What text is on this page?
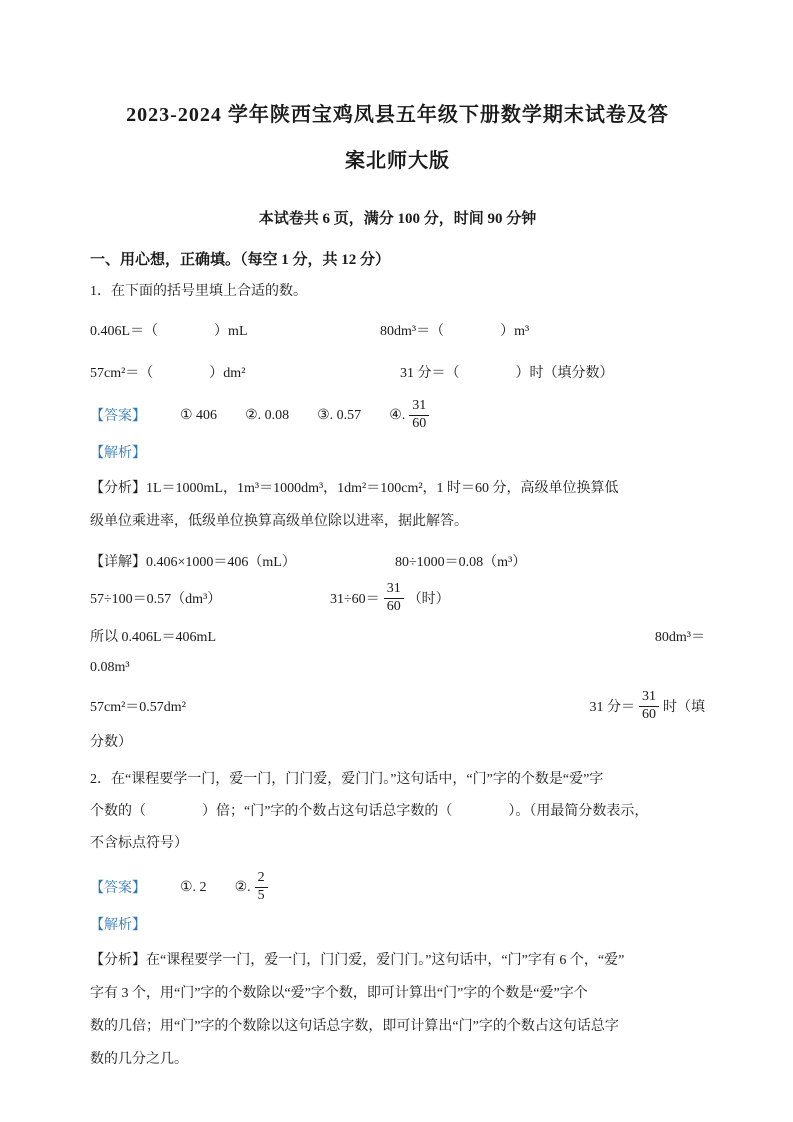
2023-2024 学年陕西宝鸡凤县五年级下册数学期末试卷及答
案北师大版
本试卷共 6 页，满分 100 分，时间 90 分钟
一、用心想，正确填。（每空 1 分，共 12 分）
1．在下面的括号里填上合适的数。
0.406L＝（　　　　）mL	80dm³＝（　　　　）m³
57cm²＝（　　　　）dm²	31 分＝（　　　　）时（填分数）
【答案】 ① 406 ②. 0.08 ③. 0.57 ④. $\frac{31}{60}$
【解析】
【分析】1L＝1000mL，1m³＝1000dm³，1dm²＝100cm²，1 时＝60 分，高级单位换算低
级单位乘进率，低级单位换算高级单位除以进率，据此解答。
【详解】0.406×1000＝406（mL）	80÷1000＝0.08（m³）
57÷100＝0.57（dm³）	$31\div 60= \frac{31}{60}$ （时）
所以 0.406L＝406mL	80dm³＝
0.08m³
57cm²＝0.57dm²	31 分＝ $\frac{31}{60}$ 时（填
分数）
2．在“课程要学一门，爱一门，门门爱，爱门门。”这句话中，“门”字的个数是“爱”字
个数的（　　　　）倍；“门”字的个数占这句话总字数的（　　　　）。（用最简分数表示，
不含标点符号）
【答案】 ①. 2 ②. $\frac{2}{5}$
【解析】
【分析】在“课程要学一门，爱一门，门门爱，爱门门。”这句话中，“门”字有 6 个，“爱”
字有 3 个，用“门”字的个数除以“爱”字个数，即可计算出“门”字的个数是“爱”字个
数的几倍；用“门”字的个数除以这句话总字数，即可计算出“门”字的个数占这句话总字
数的几分之几。
